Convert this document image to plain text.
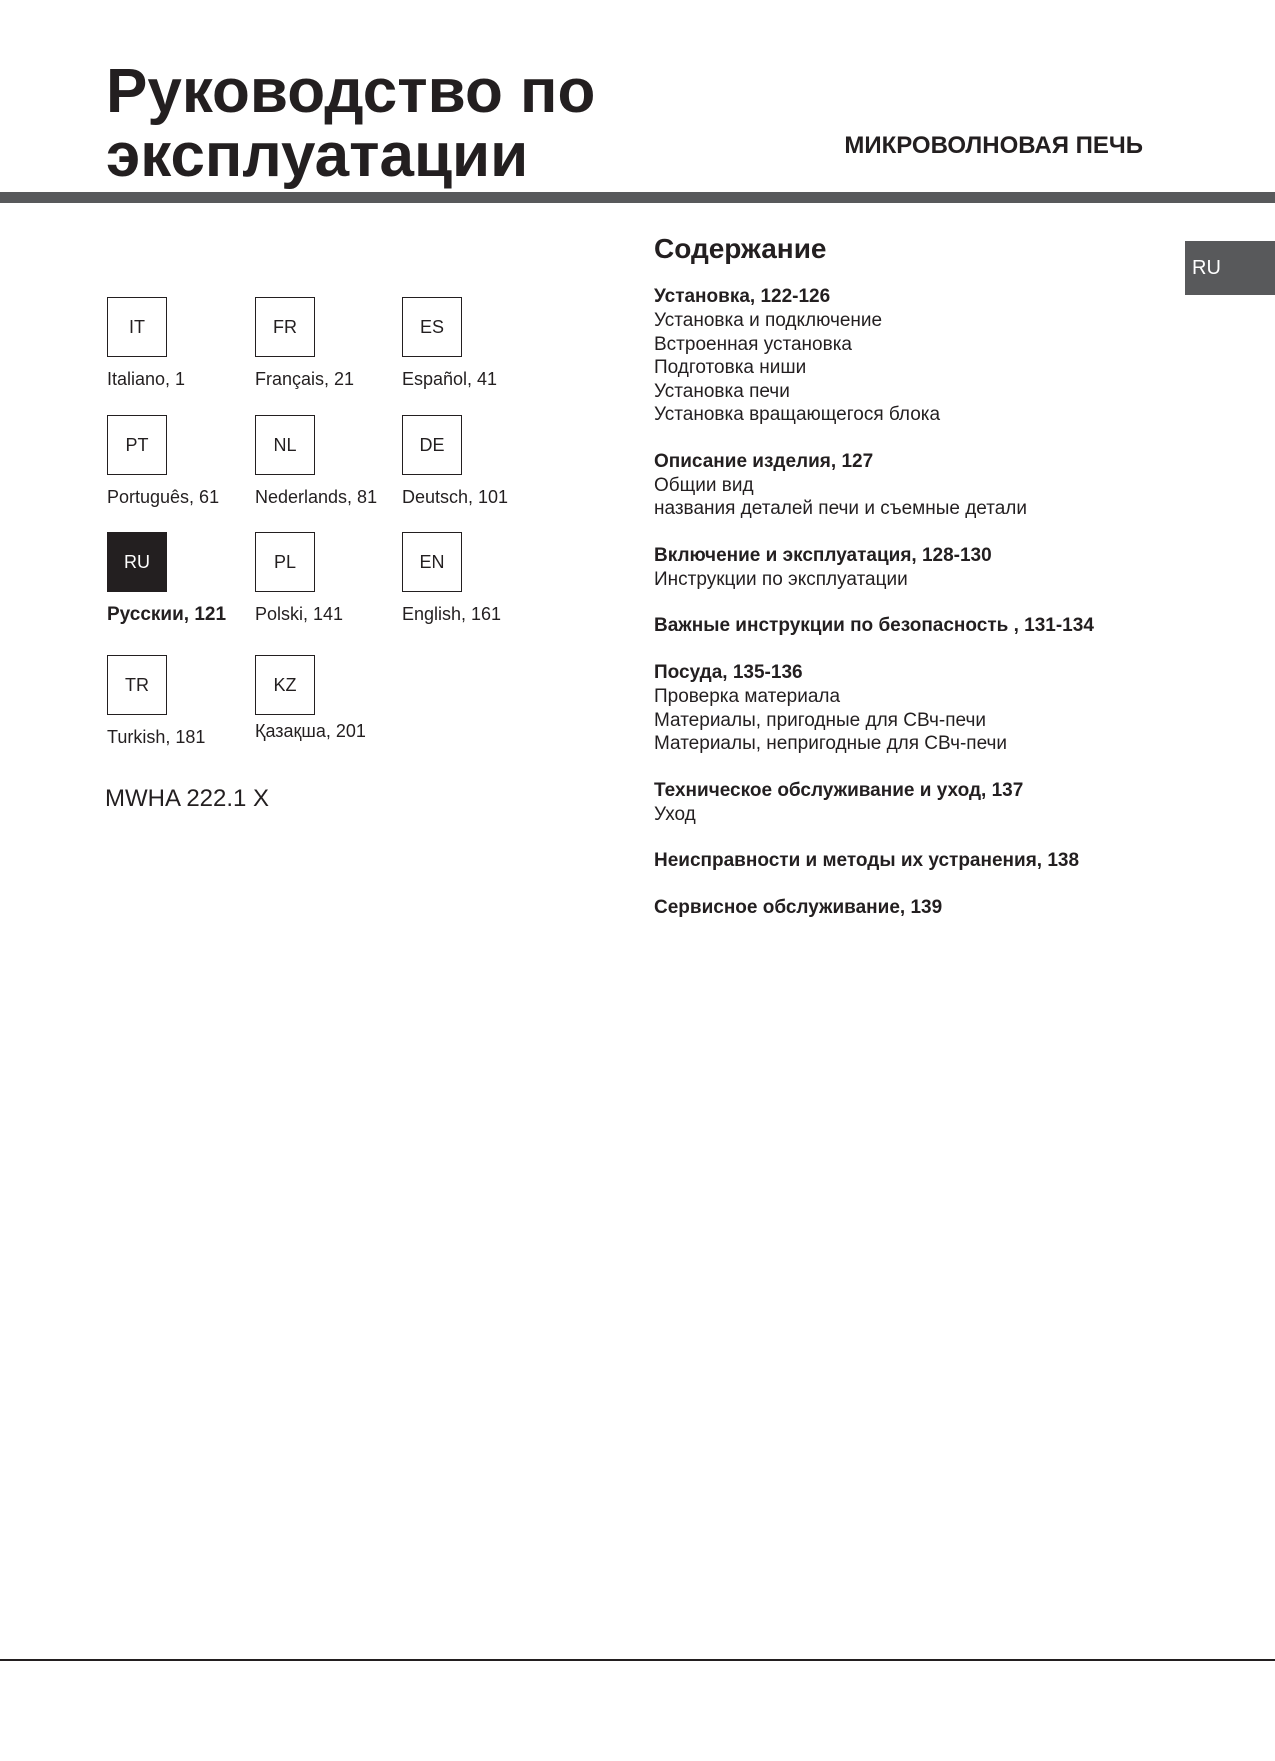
Руководство по
эксплуатации	МИКРОВОЛНОВАЯ ПЕЧЬ
RU
IT
Italiano, 1
FR
Français, 21
ES
Español, 41
PT
Português, 61
NL
Nederlands, 81
DE
Deutsch, 101
RU
Русскии, 121
PL
Polski, 141
EN
English, 161
TR
Turkish, 181
KZ
Қазақша, 201
MWHA 222.1 X
Содержание
Установка, 122-126
Установка и подключение
Встроенная установка
Подготовка ниши
Установка печи
Установка вращающегося блока
Описание изделия, 127
Общии вид
названия деталей печи и съемные детали
Включение и эксплуатация, 128-130
Инструкции по эксплуатации
Важные инструкции по безопасность , 131-134
Посуда, 135-136
Проверка материала
Материалы, пригодные для СВч-печи
Материалы, непригодные для СВч-печи
Техническое обслуживание и уход, 137
Уход
Неисправности и методы их устранения, 138
Сервисное обслуживание, 139
